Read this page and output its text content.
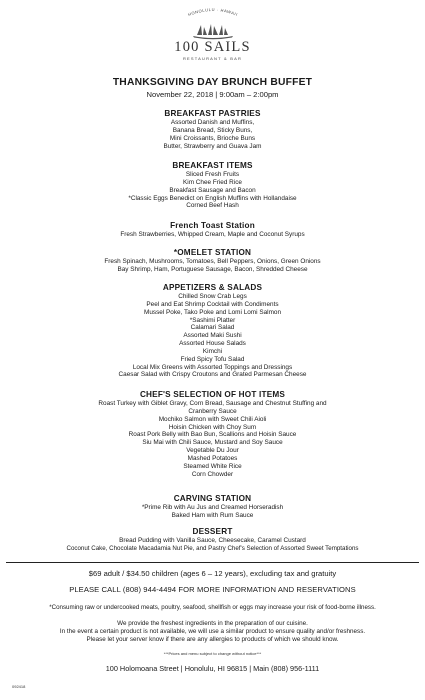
HONOLULU · HAWAII
100 SAILS
RESTAURANT & BAR
THANKSGIVING DAY BRUNCH BUFFET
November 22, 2018 | 9:00am – 2:00pm
BREAKFAST PASTRIES
Assorted Danish and Muffins,
Banana Bread, Sticky Buns,
Mini Croissants, Brioche Buns
Butter, Strawberry and Guava Jam
BREAKFAST ITEMS
Sliced Fresh Fruits
Kim Chee Fried Rice
Breakfast Sausage and Bacon
*Classic Eggs Benedict on English Muffins with Hollandaise
Corned Beef Hash
French Toast Station
Fresh Strawberries, Whipped Cream, Maple and Coconut Syrups
*OMELET STATION
Fresh Spinach, Mushrooms, Tomatoes, Bell Peppers, Onions, Green Onions
Bay Shrimp, Ham, Portuguese Sausage, Bacon, Shredded Cheese
APPETIZERS & SALADS
Chilled Snow Crab Legs
Peel and Eat Shrimp Cocktail with Condiments
Mussel Poke, Tako Poke and Lomi Lomi Salmon
*Sashimi Platter
Calamari Salad
Assorted Maki Sushi
Assorted House Salads
Kimchi
Fried Spicy Tofu Salad
Local Mix Greens with Assorted Toppings and Dressings
Caesar Salad with Crispy Croutons and Grated Parmesan Cheese
CHEF'S SELECTION OF HOT ITEMS
Roast Turkey with Giblet Gravy, Corn Bread, Sausage and Chestnut Stuffing and
Cranberry Sauce
Mochiko Salmon with Sweet Chili Aioli
Hoisin Chicken with Choy Sum
Roast Pork Belly with Bao Bun, Scallions and Hoisin Sauce
Siu Mai with Chili Sauce, Mustard and Soy Sauce
Vegetable Du Jour
Mashed Potatoes
Steamed White Rice
Corn Chowder
CARVING STATION
*Prime Rib with Au Jus and Creamed Horseradish
Baked Ham with Rum Sauce
DESSERT
Bread Pudding with Vanilla Sauce, Cheesecake, Caramel Custard
Coconut Cake, Chocolate Macadamia Nut Pie, and Pastry Chef's Selection of Assorted Sweet Temptations
$69 adult / $34.50 children (ages 6 – 12 years), excluding tax and gratuity
PLEASE CALL (808) 944-4494 FOR MORE INFORMATION AND RESERVATIONS
*Consuming raw or undercooked meats, poultry, seafood, shellfish or eggs may increase your risk of food-borne illness.
We provide the freshest ingredients in the preparation of our cuisine.
In the event a certain product is not available, we will use a similar product to ensure quality and/or freshness.
Please let your server know if there are any allergies to products of which we should know.
***Prices and menu subject to change without notice***
100 Holomoana Street | Honolulu, HI 96815 | Main (808) 956-1111
092418
